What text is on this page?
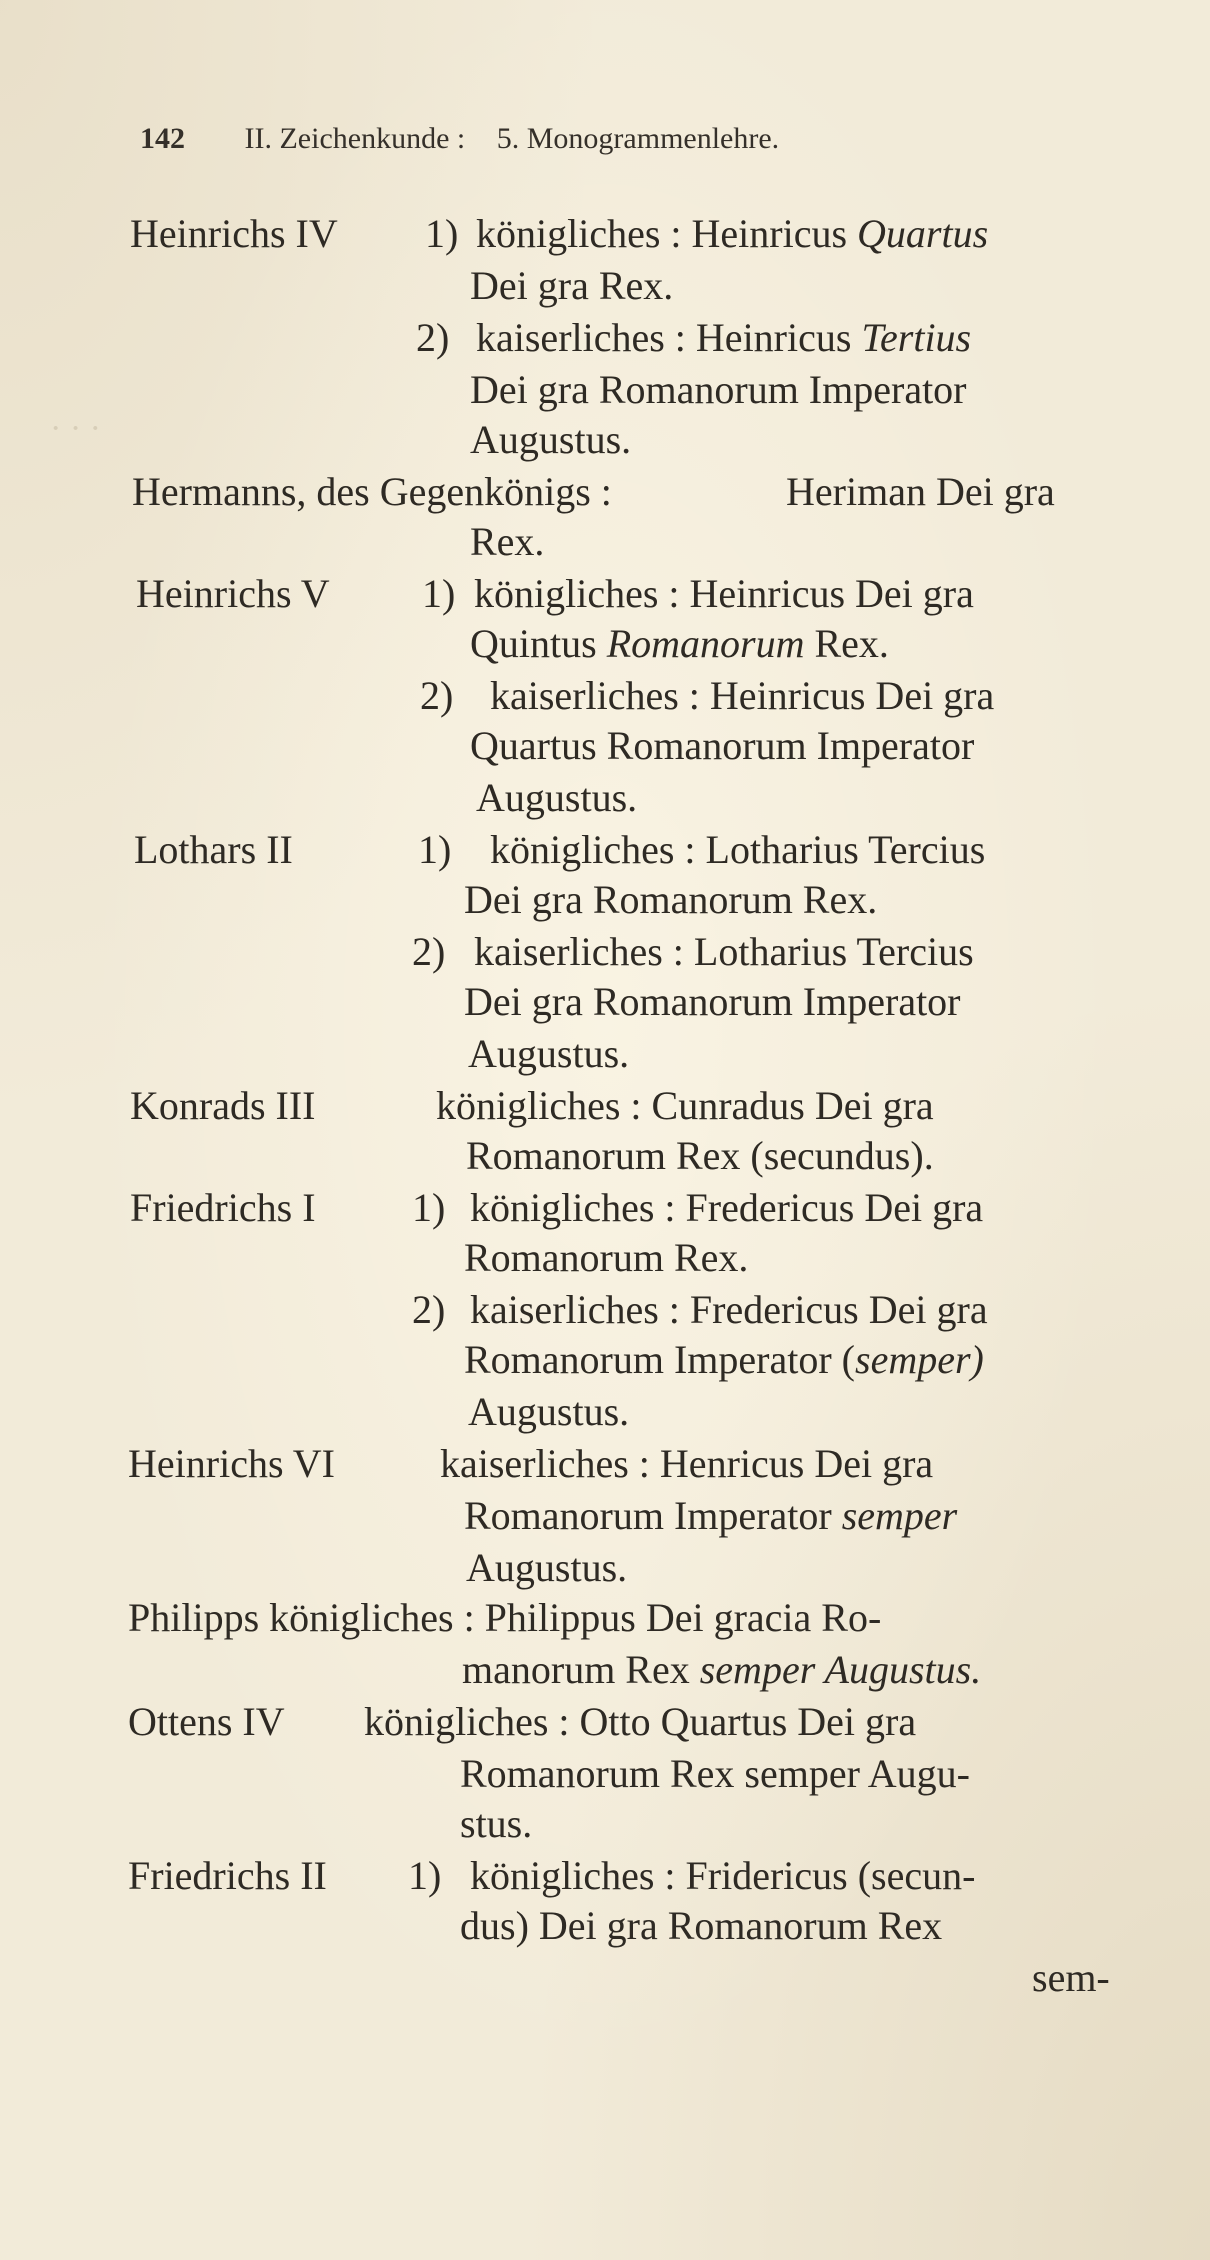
· · ·
142 II. Zeichenkunde : 5. Monogrammenlehre.
Heinrichs IV 1) königliches : Heinricus Quartus
Dei gra Rex.
2) kaiserliches : Heinricus Tertius
Dei gra Romanorum Imperator
Augustus.
Hermanns, des Gegenkönigs :	Heriman Dei gra
Rex.
Heinrichs V 1) königliches : Heinricus Dei gra
Quintus Romanorum Rex.
2) kaiserliches : Heinricus Dei gra
Quartus Romanorum Imperator
Augustus.
Lothars II	1) königliches : Lotharius Tercius
Dei gra Romanorum Rex.
2) kaiserliches : Lotharius Tercius
Dei gra Romanorum Imperator
Augustus.
Konrads III	königliches : Cunradus Dei gra
Romanorum Rex (secundus).
Friedrichs I 1) königliches : Fredericus Dei gra
Romanorum Rex.
2) kaiserliches : Fredericus Dei gra
Romanorum Imperator (semper)
Augustus.
Heinrichs VI	kaiserliches : Henricus Dei gra
Romanorum Imperator semper
Augustus.
Philipps königliches : Philippus Dei gracia Ro-
manorum Rex semper Augustus.
Ottens IV königliches : Otto Quartus Dei gra
Romanorum Rex semper Augu-
stus.
Friedrichs II 1) königliches : Fridericus (secun-
dus) Dei gra Romanorum Rex
sem-
